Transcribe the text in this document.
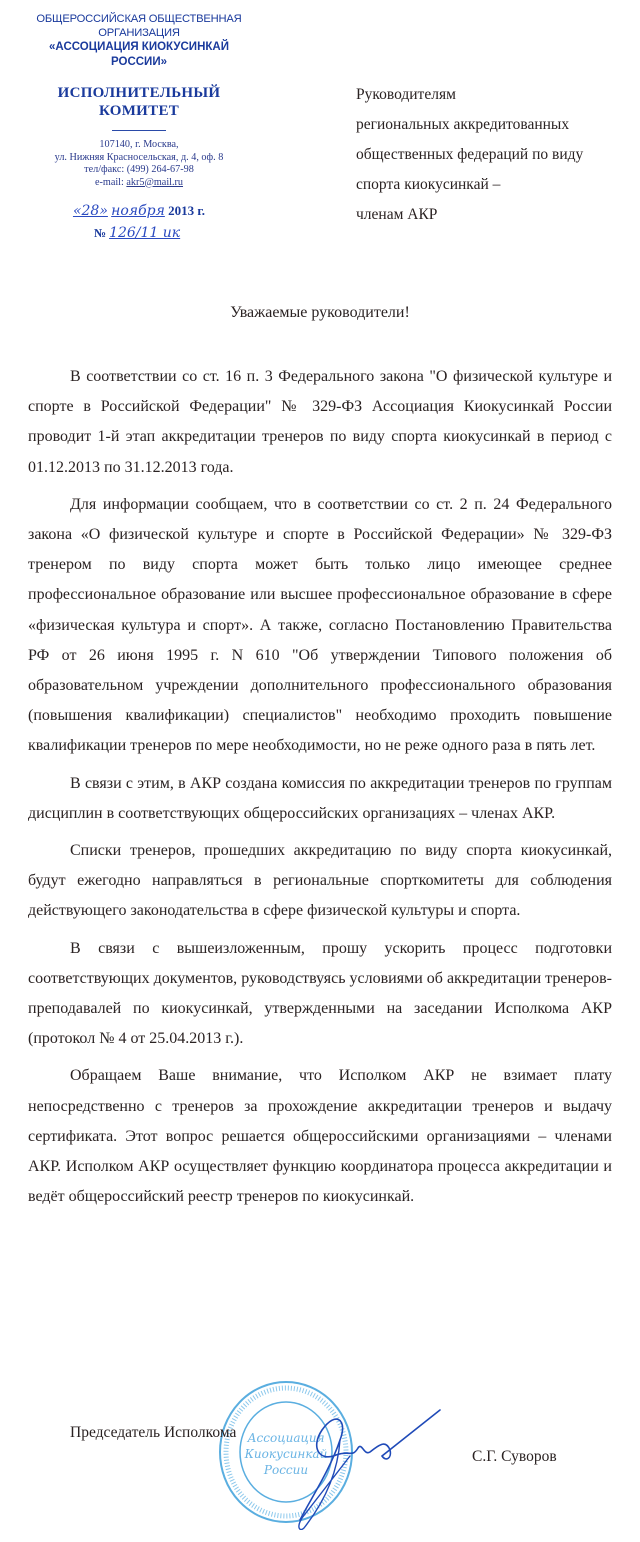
ОБЩЕРОССИЙСКАЯ ОБЩЕСТВЕННАЯ
ОРГАНИЗАЦИЯ
«АССОЦИАЦИЯ КИОКУСИНКАЙ
РОССИИ»
ИСПОЛНИТЕЛЬНЫЙ
КОМИТЕТ
107140, г. Москва,
ул. Нижняя Красносельская, д. 4, оф. 8
тел/факс: (499) 264-67-98
e-mail: akr5@mail.ru
«28» ноября 2013 г.
№ 126/11 ик
Руководителям
региональных аккредитованных
общественных федераций по виду
спорта киокусинкай –
членам АКР
Уважаемые руководители!

В соответствии со ст. 16 п. 3 Федерального закона "О физической культуре и спорте в Российской Федерации" № 329-ФЗ Ассоциация Киокусинкай России проводит 1-й этап аккредитации тренеров по виду спорта киокусинкай в период с 01.12.2013 по 31.12.2013 года.

Для информации сообщаем, что в соответствии со ст. 2 п. 24 Федерального закона «О физической культуре и спорте в Российской Федерации» № 329-ФЗ тренером по виду спорта может быть только лицо имеющее среднее профессиональное образование или высшее профессиональное образование в сфере «физическая культура и спорт». А также, согласно Постановлению Правительства РФ от 26 июня 1995 г. N 610 "Об утверждении Типового положения об образовательном учреждении дополнительного профессионального образования (повышения квалификации) специалистов" необходимо проходить повышение квалификации тренеров по мере необходимости, но не реже одного раза в пять лет.

В связи с этим, в АКР создана комиссия по аккредитации тренеров по группам дисциплин в соответствующих общероссийских организациях – членах АКР.

Списки тренеров, прошедших аккредитацию по виду спорта киокусинкай, будут ежегодно направляться в региональные спорткомитеты для соблюдения действующего законодательства в сфере физической культуры и спорта.

В связи с вышеизложенным, прошу ускорить процесс подготовки соответствующих документов, руководствуясь условиями об аккредитации тренеров-преподавалей по киокусинкай, утвержденными на заседании Исполкома АКР (протокол № 4 от 25.04.2013 г.).

Обращаем Ваше внимание, что Исполком АКР не взимает плату непосредственно с тренеров за прохождение аккредитации тренеров и выдачу сертификата. Этот вопрос решается общероссийскими организациями – членами АКР. Исполком АКР осуществляет функцию координатора процесса аккредитации и ведёт общероссийский реестр тренеров по киокусинкай.

Ассоциация
Киокусинкай
России
Председатель Исполкома
С.Г. Суворов
